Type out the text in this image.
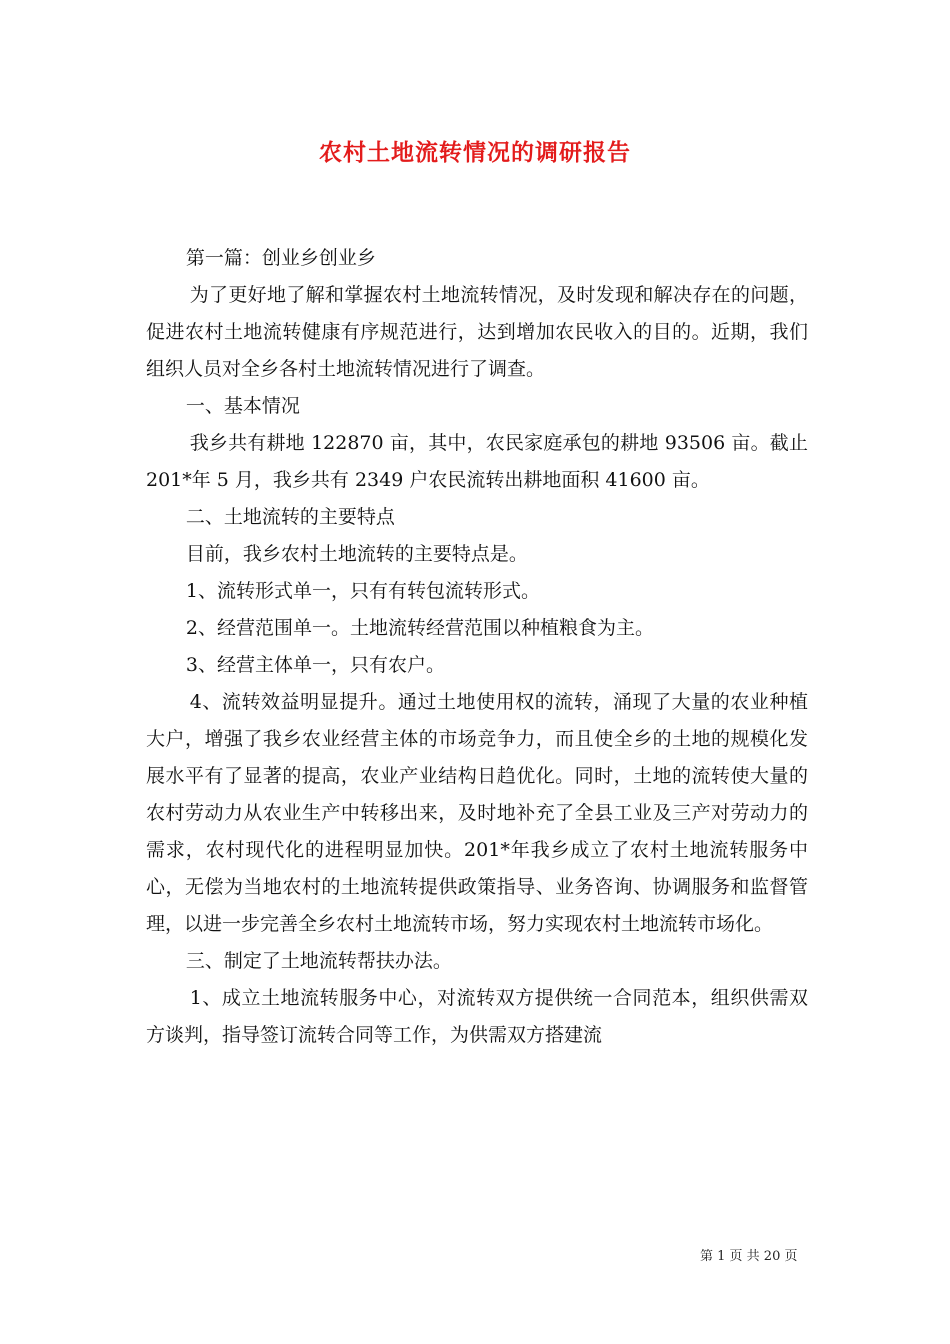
农村土地流转情况的调研报告

第一篇：创业乡创业乡

为了更好地了解和掌握农村土地流转情况，及时发现和解决存在的问题，促进农村土地流转健康有序规范进行，达到增加农民收入的目的。近期，我们组织人员对全乡各村土地流转情况进行了调查。

一、基本情况

我乡共有耕地 122870 亩，其中，农民家庭承包的耕地 93506 亩。截止 201*年 5 月，我乡共有 2349 户农民流转出耕地面积 41600 亩。

二、土地流转的主要特点

目前，我乡农村土地流转的主要特点是。

1、流转形式单一，只有有转包流转形式。

2、经营范围单一。土地流转经营范围以种植粮食为主。

3、经营主体单一，只有农户。

4、流转效益明显提升。通过土地使用权的流转，涌现了大量的农业种植大户，增强了我乡农业经营主体的市场竞争力，而且使全乡的土地的规模化发展水平有了显著的提高，农业产业结构日趋优化。同时，土地的流转使大量的农村劳动力从农业生产中转移出来，及时地补充了全县工业及三产对劳动力的需求，农村现代化的进程明显加快。201*年我乡成立了农村土地流转服务中心，无偿为当地农村的土地流转提供政策指导、业务咨询、协调服务和监督管理，以进一步完善全乡农村土地流转市场，努力实现农村土地流转市场化。

三、制定了土地流转帮扶办法。

1、成立土地流转服务中心，对流转双方提供统一合同范本，组织供需双方谈判，指导签订流转合同等工作，为供需双方搭建流

第 1 页 共 20 页
